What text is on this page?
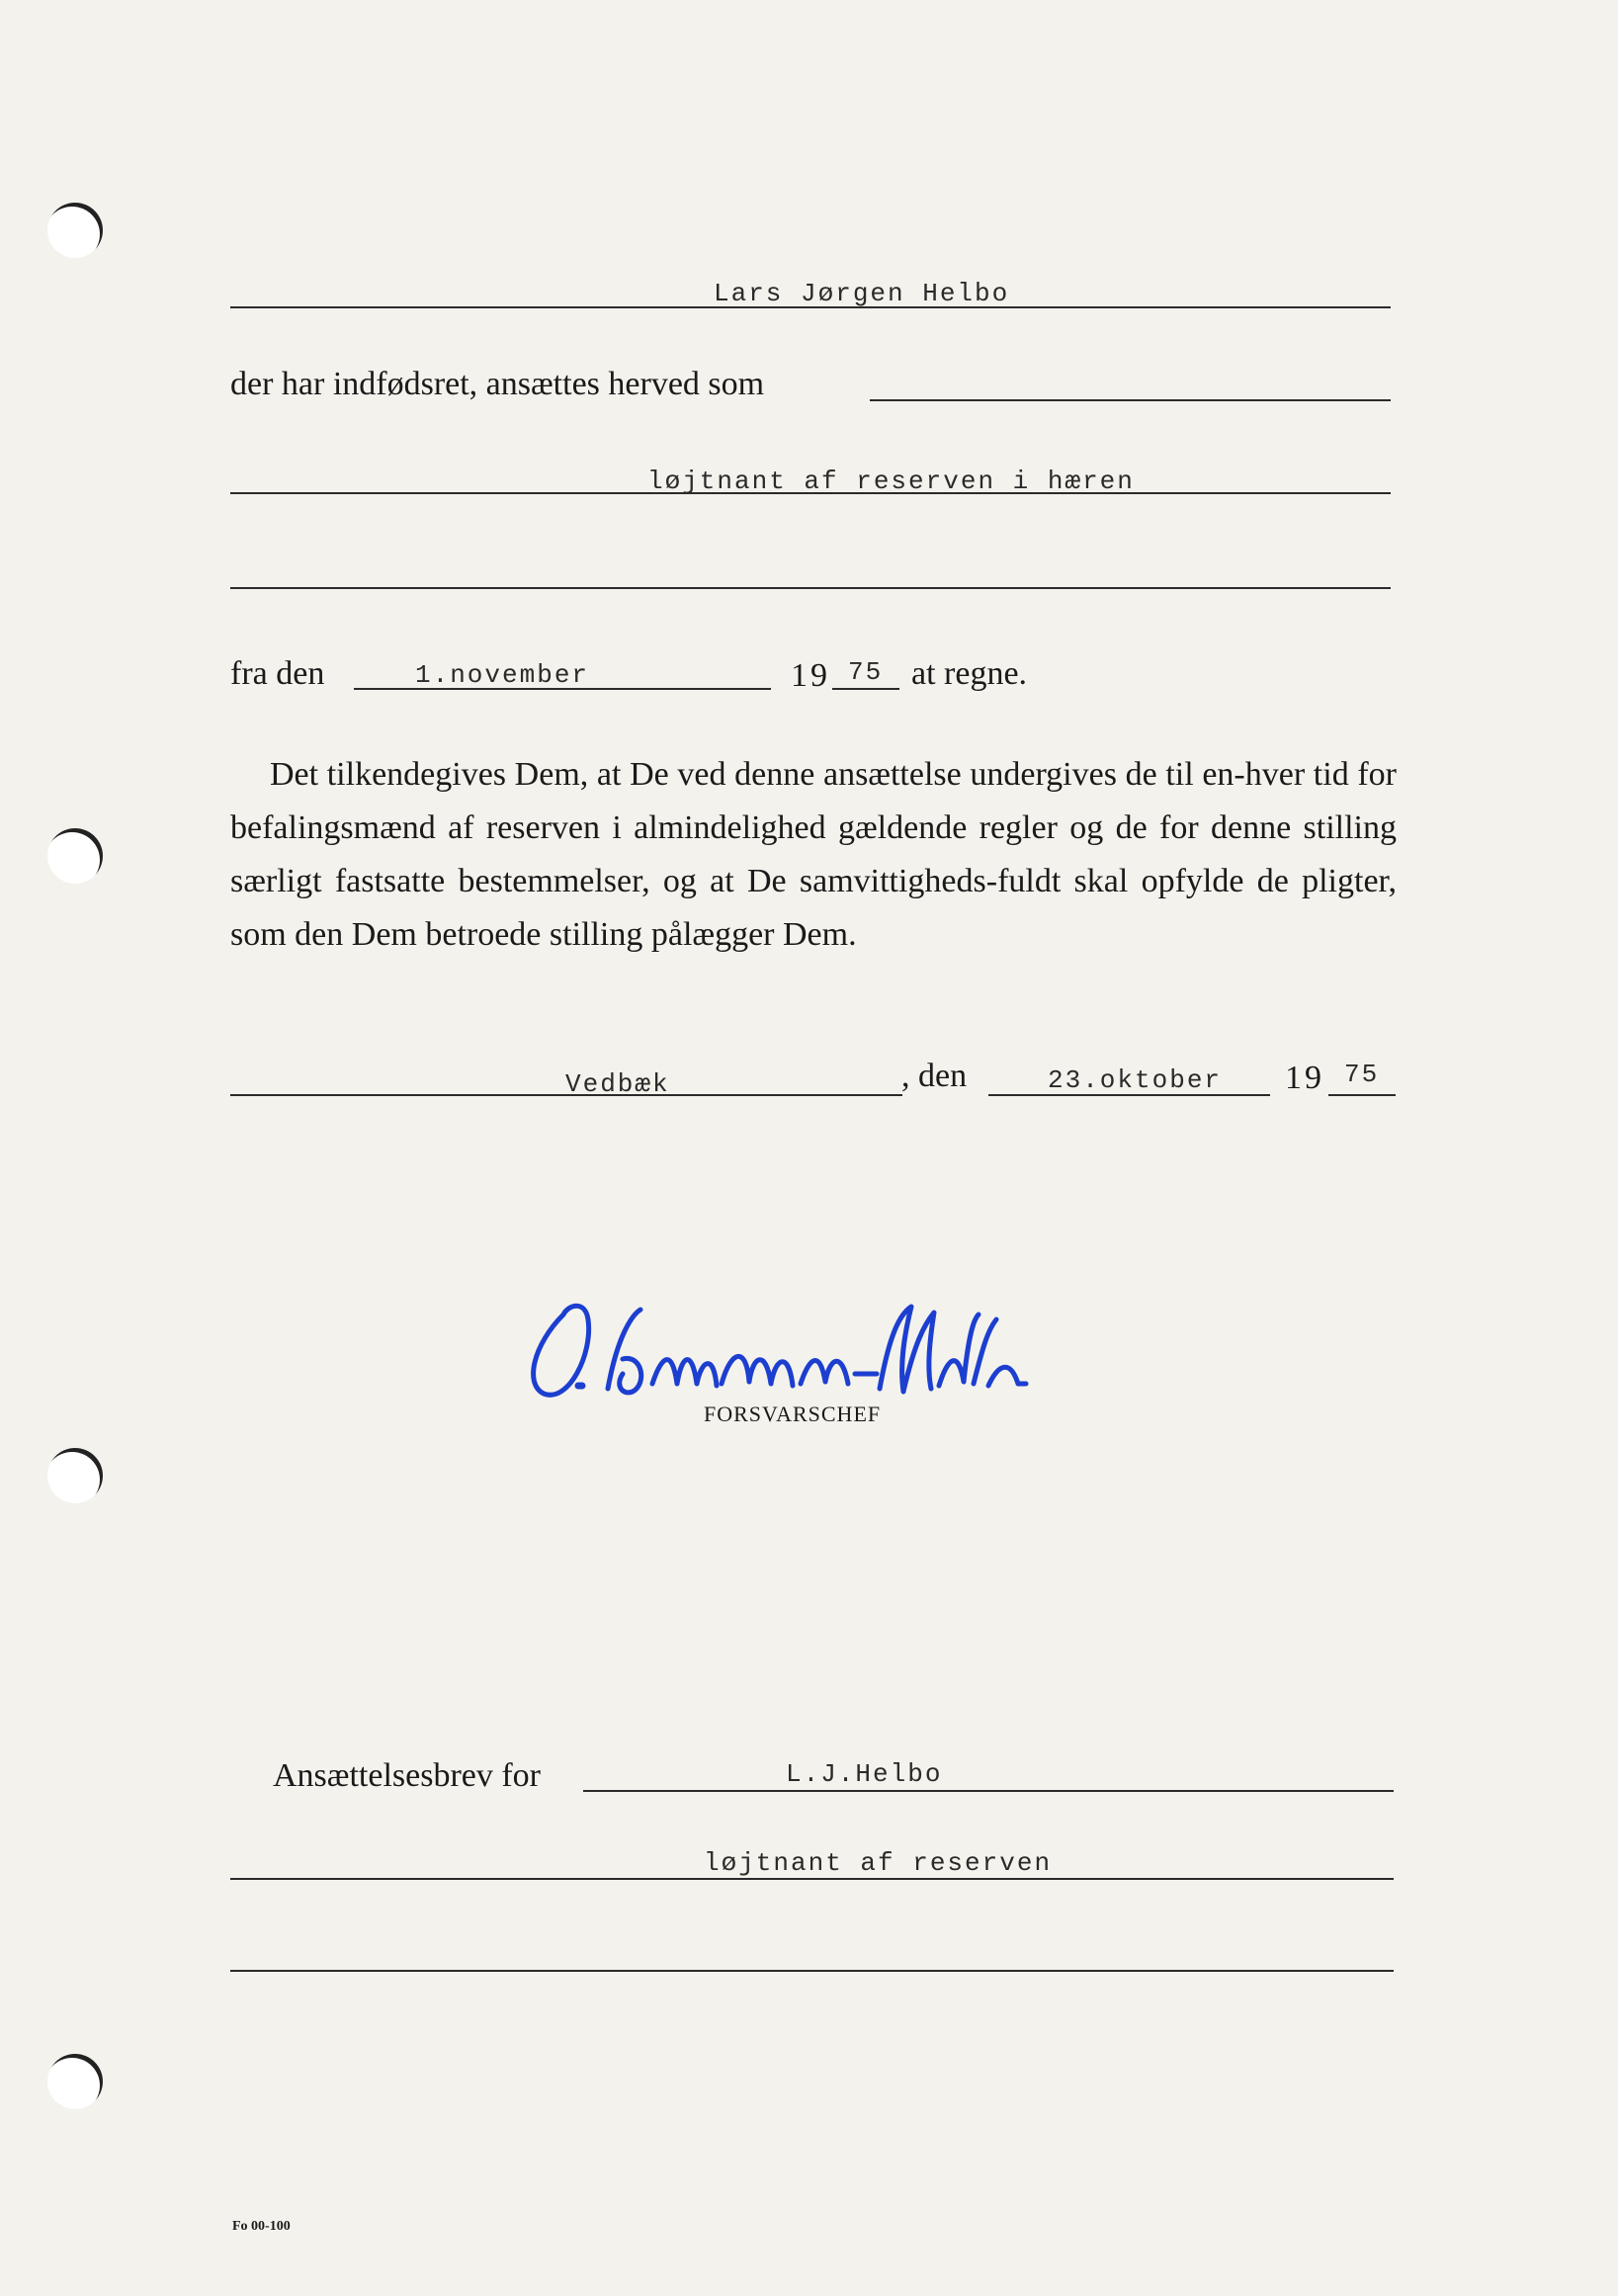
Lars Jørgen Helbo
der har indfødsret, ansættes herved som
løjtnant af reserven i hæren
fra den	1.november	19 75 at regne.

Det tilkendegives Dem, at De ved denne ansættelse undergives de til en-hver tid for befalingsmænd af reserven i almindelighed gældende regler og de for denne stilling særligt fastsatte bestemmelser, og at De samvittigheds-fuldt skal opfylde de pligter, som den Dem betroede stilling pålægger Dem.

Vedbæk	, den	23.oktober 19 75
FORSVARSCHEF
Ansættelsesbrev for	L.J.Helbo
løjtnant af reserven
Fo 00-100
